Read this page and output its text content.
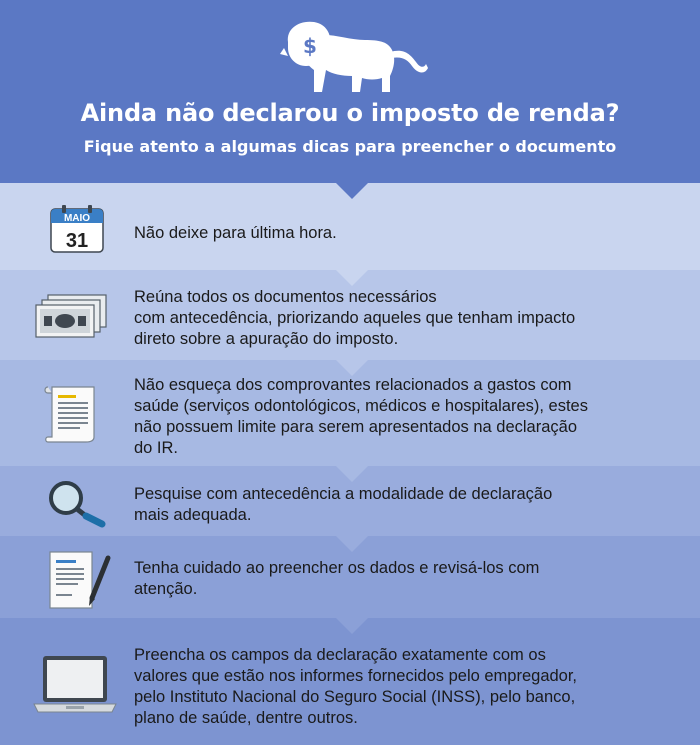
$
Ainda não declarou o imposto de renda?
Fique atento a algumas dicas para preencher o documento
MAIO
31	Não deixe para última hora.
Reúna todos os documentos necessários
com antecedência, priorizando aqueles que tenham impacto
direto sobre a apuração do imposto.
Não esqueça dos comprovantes relacionados a gastos com
saúde (serviços odontológicos, médicos e hospitalares), estes
não possuem limite para serem apresentados na declaração
do IR.
Pesquise com antecedência a modalidade de declaração
mais adequada.
Tenha cuidado ao preencher os dados e revisá-los com
atenção.
Preencha os campos da declaração exatamente com os
valores que estão nos informes fornecidos pelo empregador,
pelo Instituto Nacional do Seguro Social (INSS), pelo banco,
plano de saúde, dentre outros.
